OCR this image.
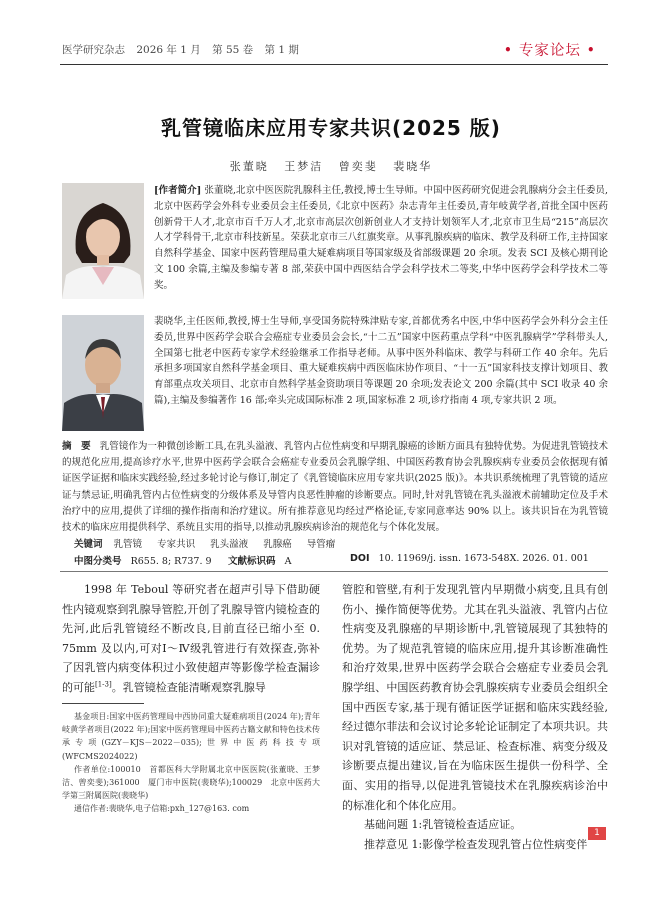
医学研究杂志 2026 年 1 月 第 55 卷 第 1 期	• 专家论坛 •
乳管镜临床应用专家共识(2025 版)
张董晓 王梦洁 曾奕斐 裴晓华
[作者简介] 张董晓,北京中医医院乳腺科主任,教授,博士生导师。中国中医药研究促进会乳腺病分会主任委员,北京中医药学会外科专业委员会主任委员,《北京中医药》杂志青年主任委员,青年岐黄学者,首批全国中医药创新骨干人才,北京市百千万人才,北京市高层次创新创业人才支持计划领军人才,北京市卫生局“215”高层次人才学科骨干,北京市科技新星。荣获北京市三八红旗奖章。从事乳腺疾病的临床、教学及科研工作,主持国家自然科学基金、国家中医药管理局重大疑难病项目等国家级及省部级课题 20 余项。发表 SCI 及核心期刊论文 100 余篇,主编及参编专著 8 部,荣获中国中西医结合学会科学技术二等奖,中华中医药学会科学技术二等奖。
裴晓华,主任医师,教授,博士生导师,享受国务院特殊津贴专家,首都优秀名中医,中华中医药学会外科分会主任委员,世界中医药学会联合会癌症专业委员会会长,“十二五”国家中医药重点学科“中医乳腺病学”学科带头人,全国第七批老中医药专家学术经验继承工作指导老师。从事中医外科临床、教学与科研工作 40 余年。先后承担多项国家自然科学基金项目、重大疑难疾病中西医临床协作项目、“十一五”国家科技支撑计划项目、教育部重点攻关项目、北京市自然科学基金资助项目等课题 20 余项;发表论文 200 余篇(其中 SCI 收录 40 余篇),主编及参编著作 16 部;牵头完成国际标准 2 项,国家标准 2 项,诊疗指南 4 项,专家共识 2 项。
摘　要 乳管镜作为一种微创诊断工具,在乳头溢液、乳管内占位性病变和早期乳腺癌的诊断方面具有独特优势。为促进乳管镜技术的规范化应用,提高诊疗水平,世界中医药学会联合会癌症专业委员会乳腺学组、中国医药教育协会乳腺疾病专业委员会依据现有循证医学证据和临床实践经验,经过多轮讨论与修订,制定了《乳管镜临床应用专家共识(2025 版)》。本共识系统梳理了乳管镜的适应证与禁忌证,明确乳管内占位性病变的分级体系及导管内良恶性肿瘤的诊断要点。同时,针对乳管镜在乳头溢液术前辅助定位及手术治疗中的应用,提供了详细的操作指南和治疗建议。所有推荐意见均经过严格论证,专家同意率达 90% 以上。该共识旨在为乳管镜技术的临床应用提供科学、系统且实用的指导,以推动乳腺疾病诊治的规范化与个体化发展。
关键词 乳管镜 专家共识 乳头溢液 乳腺癌 导管瘤
中图分类号 R655. 8; R737. 9 文献标识码 A	DOI 10. 11969/j. issn. 1673-548X. 2026. 01. 001

1998 年 Teboul 等研究者在超声引导下借助硬性内镜观察到乳腺导管腔,开创了乳腺导管内镜检查的先河,此后乳管镜经不断改良,目前直径已缩小至 0. 75mm 及以内,可对Ⅰ～Ⅳ级乳管进行有效探查,弥补了因乳管内病变体积过小致使超声等影像学检查漏诊的可能[1-3]。乳管镜检查能清晰观察乳腺导

基金项目:国家中医药管理局中西协同重大疑难病项目(2024 年);青年岐黄学者项目(2022 年);国家中医药管理局中医药古籍文献和特色技术传承专项(GZY－KJS－2022－035);世界中医药科技专项(WFCMS2024022)

作者单位:100010　首都医科大学附属北京中医医院(张董晓、王梦洁、曾奕斐);361000　厦门市中医院(裴晓华);100029　北京中医药大学第三附属医院(裴晓华)

通信作者:裴晓华,电子信箱:pxh_127@163. com

管腔和管壁,有利于发现乳管内早期微小病变,且具有创伤小、操作简便等优势。尤其在乳头溢液、乳管内占位性病变及乳腺癌的早期诊断中,乳管镜展现了其独特的优势。为了规范乳管镜的临床应用,提升其诊断准确性和治疗效果,世界中医药学会联合会癌症专业委员会乳腺学组、中国医药教育协会乳腺疾病专业委员会组织全国中西医专家,基于现有循证医学证据和临床实践经验,经过德尔菲法和会议讨论多轮论证制定了本项共识。共识对乳管镜的适应证、禁忌证、检查标准、病变分级及诊断要点提出建议,旨在为临床医生提供一份科学、全面、实用的指导,以促进乳管镜技术在乳腺疾病诊治中的标准化和个体化应用。

基础问题 1:乳管镜检查适应证。

推荐意见 1:影像学检查发现乳管占位性病变伴

1
